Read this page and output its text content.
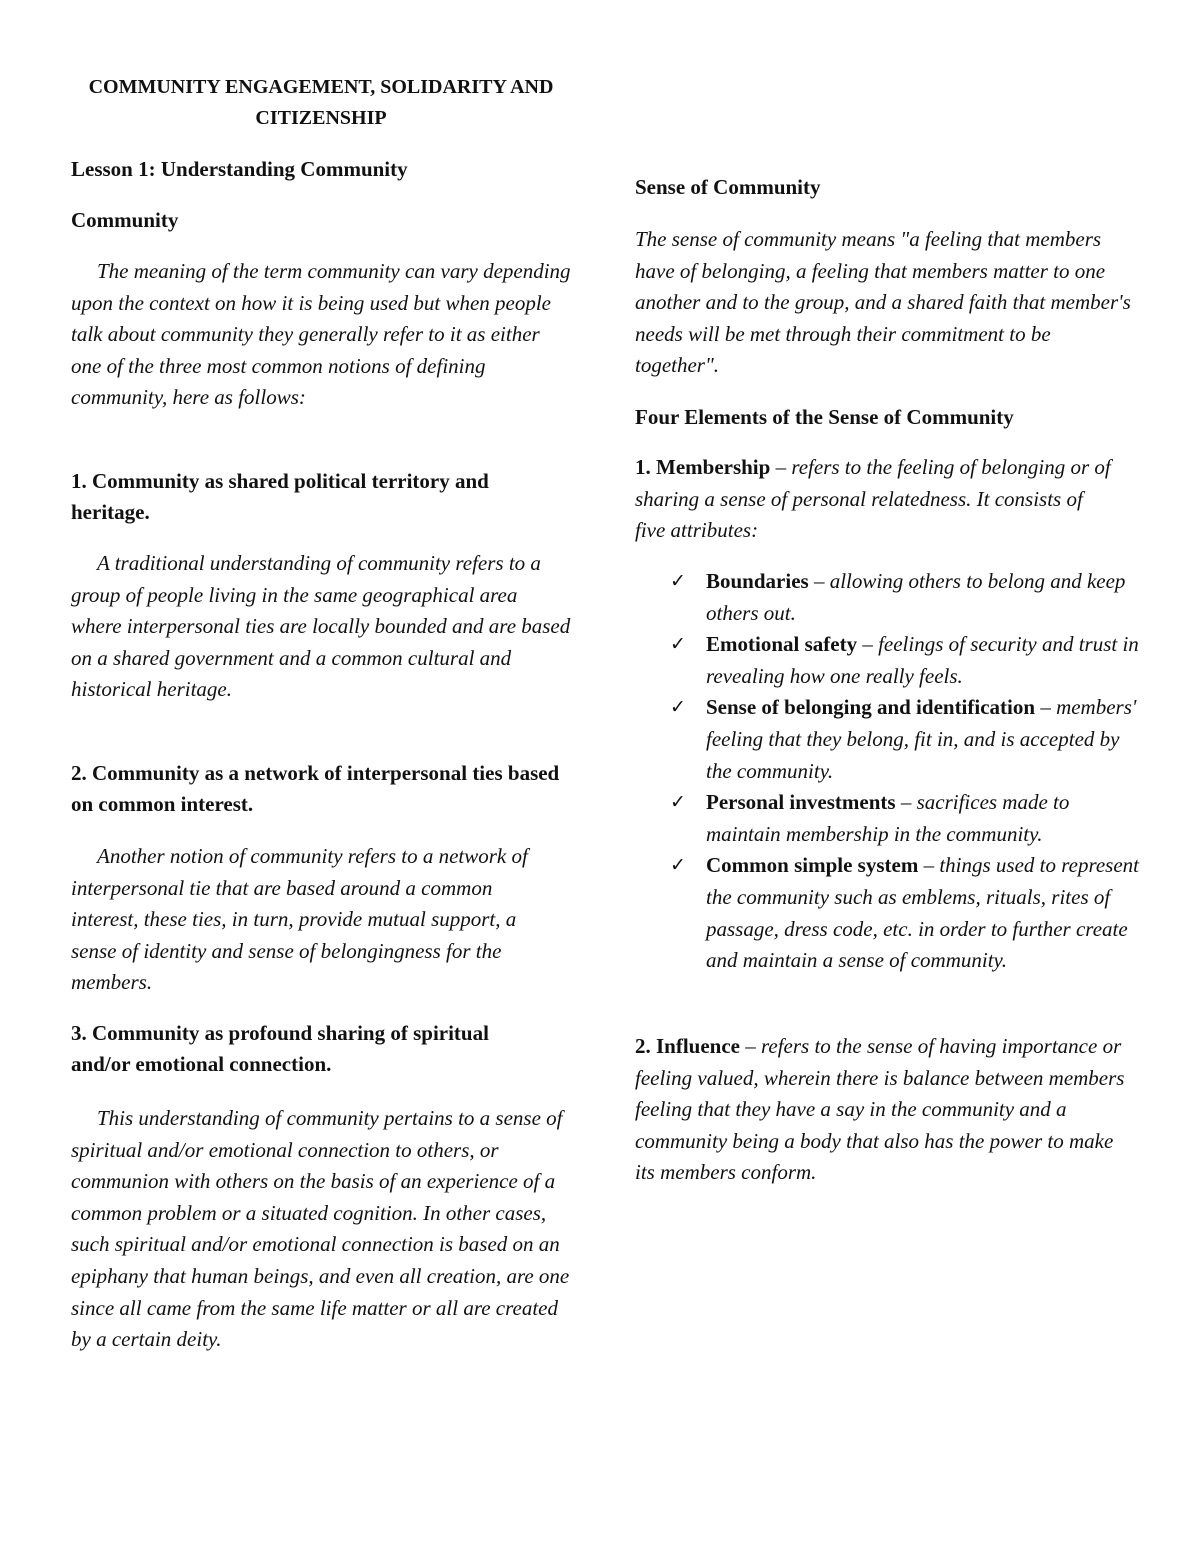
COMMUNITY ENGAGEMENT, SOLIDARITY AND
CITIZENSHIP

Lesson 1: Understanding Community

Community

The meaning of the term community can vary depending upon the context on how it is being used but when people talk about community they generally refer to it as either one of the three most common notions of defining community, here as follows:

1. Community as shared political territory and heritage.

A traditional understanding of community refers to a group of people living in the same geographical area where interpersonal ties are locally bounded and are based on a shared government and a common cultural and historical heritage.

2. Community as a network of interpersonal ties based on common interest.

Another notion of community refers to a network of interpersonal tie that are based around a common interest, these ties, in turn, provide mutual support, a sense of identity and sense of belongingness for the members.

3. Community as profound sharing of spiritual and/or emotional connection.

This understanding of community pertains to a sense of spiritual and/or emotional connection to others, or communion with others on the basis of an experience of a common problem or a situated cognition. In other cases, such spiritual and/or emotional connection is based on an epiphany that human beings, and even all creation, are one since all came from the same life matter or all are created by a certain deity.

Sense of Community

The sense of community means "a feeling that members have of belonging, a feeling that members matter to one another and to the group, and a shared faith that member's needs will be met through their commitment to be together".

Four Elements of the Sense of Community

1. Membership – refers to the feeling of belonging or of sharing a sense of personal relatedness. It consists of five attributes:

✓ Boundaries – allowing others to belong and keep others out.
✓ Emotional safety – feelings of security and trust in revealing how one really feels.
✓ Sense of belonging and identification – members' feeling that they belong, fit in, and is accepted by the community.
✓ Personal investments – sacrifices made to maintain membership in the community.
✓ Common simple system – things used to represent the community such as emblems, rituals, rites of passage, dress code, etc. in order to further create and maintain a sense of community.

2. Influence – refers to the sense of having importance or feeling valued, wherein there is balance between members feeling that they have a say in the community and a community being a body that also has the power to make its members conform.
